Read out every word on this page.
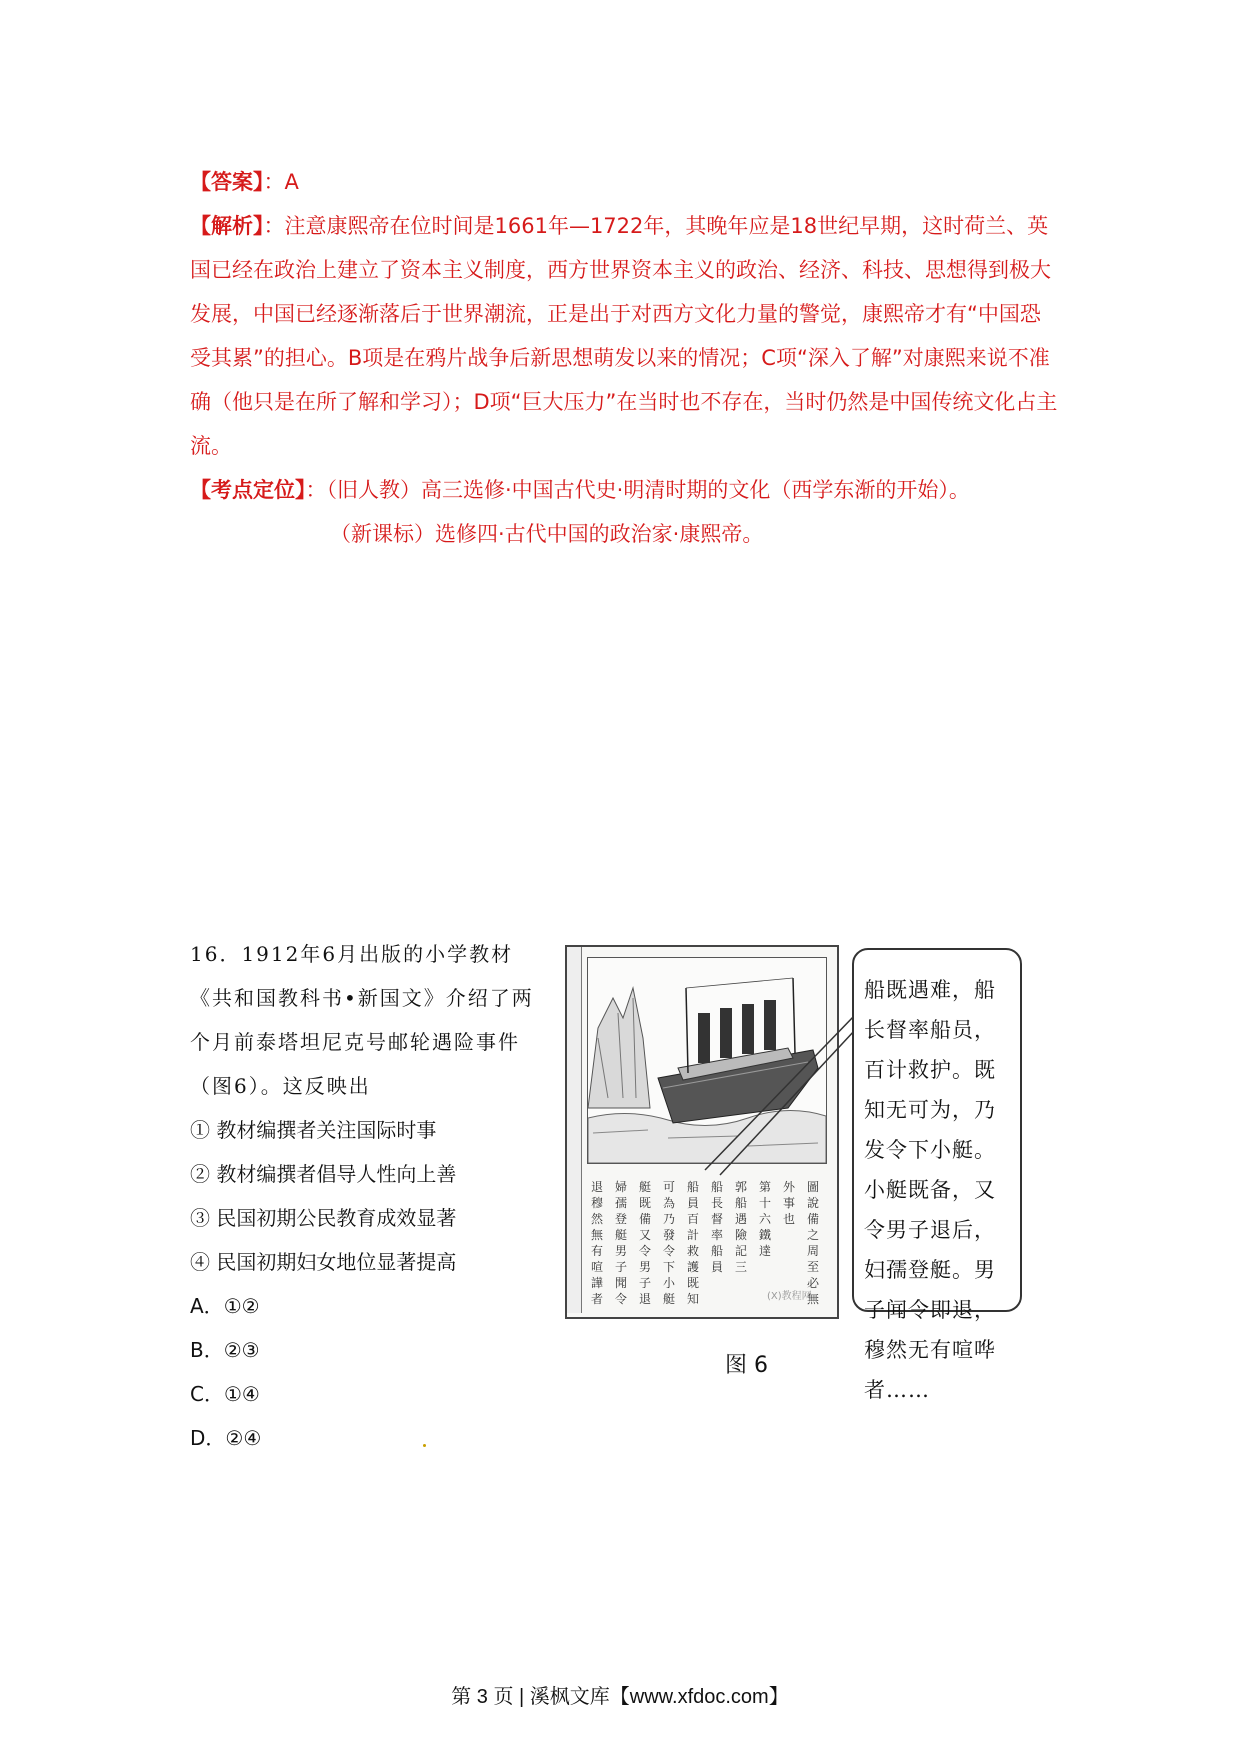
【答案】：A

【解析】：注意康熙帝在位时间是1661年—1722年，其晚年应是18世纪早期，这时荷兰、英国已经在政治上建立了资本主义制度，西方世界资本主义的政治、经济、科技、思想得到极大发展，中国已经逐渐落后于世界潮流，正是出于对西方文化力量的警觉，康熙帝才有“中国恐受其累”的担心。B项是在鸦片战争后新思想萌发以来的情况；C项“深入了解”对康熙来说不准确（他只是在所了解和学习）；D项“巨大压力”在当时也不存在，当时仍然是中国传统文化占主流。

【考点定位】：（旧人教）高三选修·中国古代史·明清时期的文化（西学东渐的开始）。

（新课标）选修四·古代中国的政治家·康熙帝。

16．1912年6月出版的小学教材《共和国教科书•新国文》介绍了两个月前泰塔坦尼克号邮轮遇险事件（图6）。这反映出

① 教材编撰者关注国际时事

② 教材编撰者倡导人性向上善

③ 民国初期公民教育成效显著

④ 民国初期妇女地位显著提高

A．①②

B．②③

C．①④

D．②④

圖說備之周至必無
外事也
第十六 鐵達
郭船遇險記三
船長督率船員
船員百計救護既知
可為乃發令下小艇
艇既備又令男子退
婦孺登艇男子聞令
退穆然無有喧譁者	(X)教程网
船既遇难，船长督率船员，百计救护。既知无可为，乃发令下小艇。小艇既备，又令男子退后，妇孺登艇。男子闻令即退，穆然无有喧哗者……
图 6
第 3 页 | 溪枫文库【www.xfdoc.com】
